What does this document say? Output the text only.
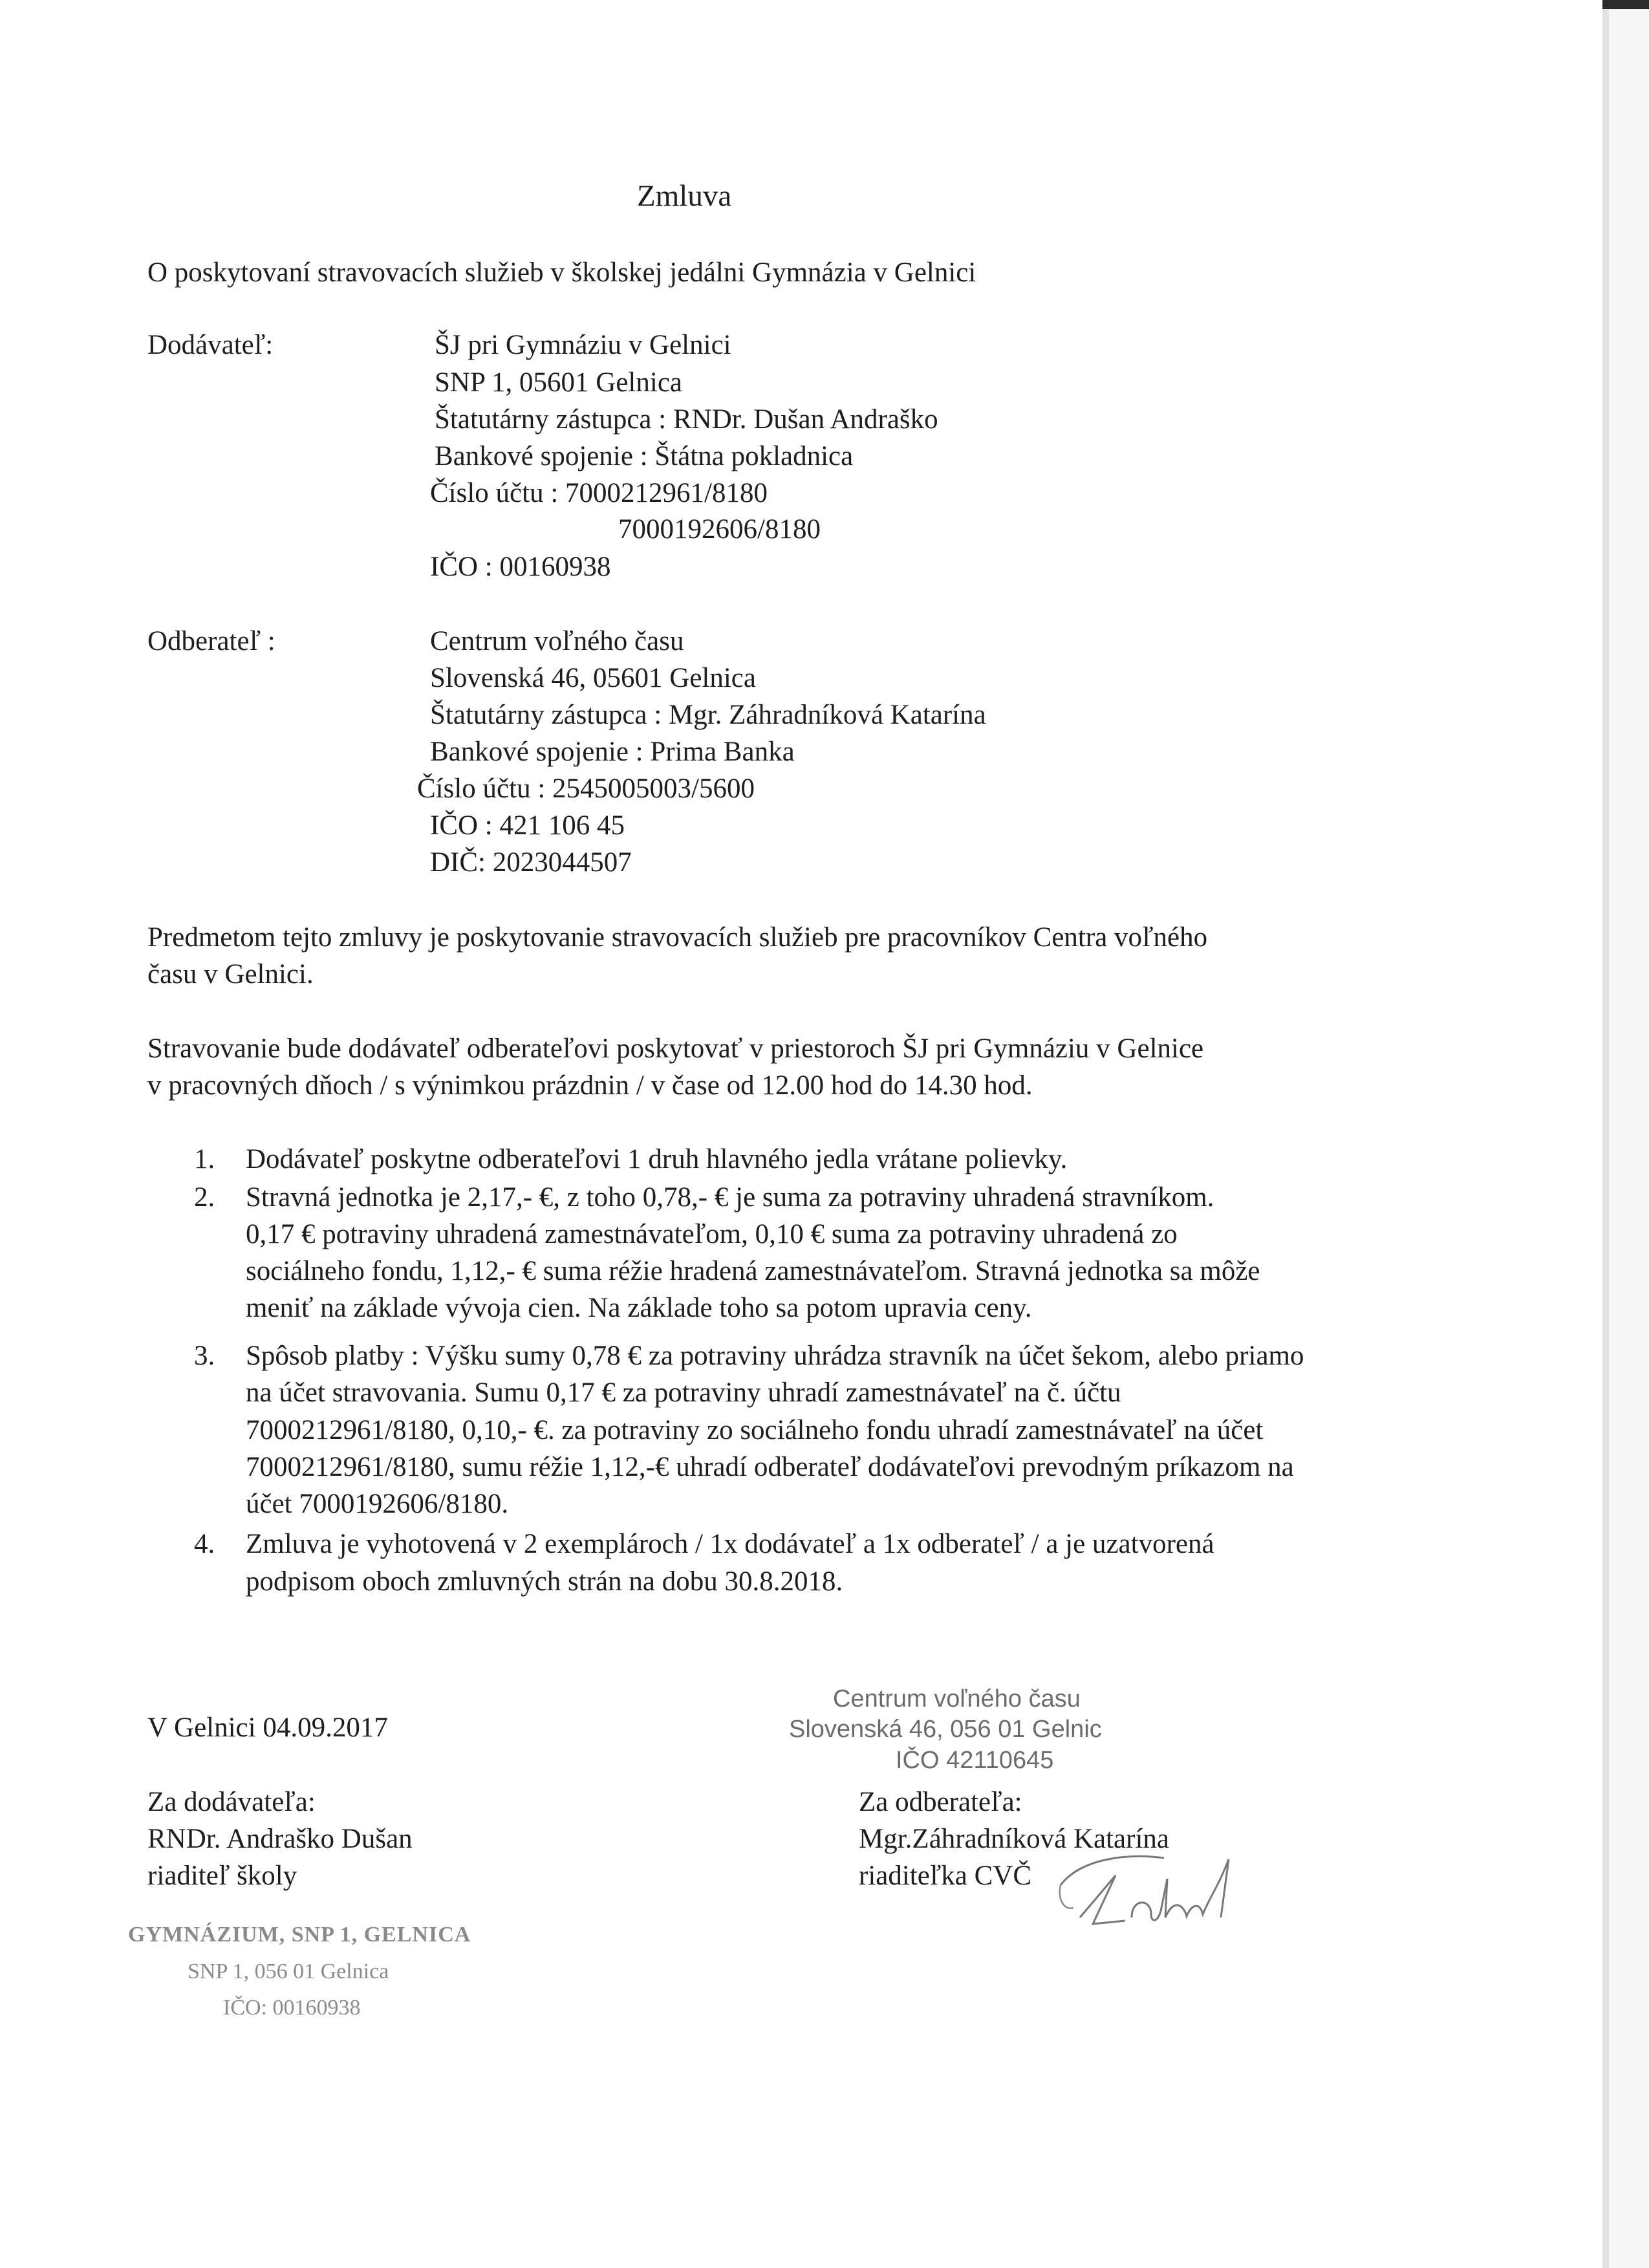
Zmluva
O poskytovaní stravovacích služieb v školskej jedálni Gymnázia v Gelnici
Dodávateľ:	ŠJ pri Gymnáziu v Gelnici
SNP 1, 05601 Gelnica
Štatutárny zástupca : RNDr. Dušan Andraško
Bankové spojenie : Štátna pokladnica
Číslo účtu : 7000212961/8180
7000192606/8180
IČO : 00160938
Odberateľ :	Centrum voľného času
Slovenská 46, 05601 Gelnica
Štatutárny zástupca : Mgr. Záhradníková Katarína
Bankové spojenie : Prima Banka
Číslo účtu : 2545005003/5600
IČO : 421 106 45
DIČ: 2023044507
Predmetom tejto zmluvy je poskytovanie stravovacích služieb pre pracovníkov Centra voľného
času v Gelnici.
Stravovanie bude dodávateľ odberateľovi poskytovať v priestoroch ŠJ pri Gymnáziu v Gelnice
v pracovných dňoch / s výnimkou prázdnin / v čase od 12.00 hod do 14.30 hod.
1. Dodávateľ poskytne odberateľovi 1 druh hlavného jedla vrátane polievky.
2. Stravná jednotka je 2,17,- €, z toho 0,78,- € je suma za potraviny uhradená stravníkom.
0,17 € potraviny uhradená zamestnávateľom, 0,10 € suma za potraviny uhradená zo
sociálneho fondu, 1,12,- € suma réžie hradená zamestnávateľom. Stravná jednotka sa môže
meniť na základe vývoja cien. Na základe toho sa potom upravia ceny.
3. Spôsob platby : Výšku sumy 0,78 € za potraviny uhrádza stravník na účet šekom, alebo priamo
na účet stravovania. Sumu 0,17 € za potraviny uhradí zamestnávateľ na č. účtu
7000212961/8180, 0,10,- €. za potraviny zo sociálneho fondu uhradí zamestnávateľ na účet
7000212961/8180, sumu réžie 1,12,-€ uhradí odberateľ dodávateľovi prevodným príkazom na
účet 7000192606/8180.
4. Zmluva je vyhotovená v 2 exemplároch / 1x dodávateľ a 1x odberateľ / a je uzatvorená
podpisom oboch zmluvných strán na dobu 30.8.2018.
V Gelnici 04.09.2017
Centrum voľného času
Slovenská 46, 056 01 Gelnic
IČO 42110645
Za dodávateľa:
RNDr. Andraško Dušan
riaditeľ školy
Za odberateľa:
Mgr.Záhradníková Katarína
riaditeľka CVČ
GYMNÁZIUM, SNP 1, GELNICA
SNP 1, 056 01 Gelnica
IČO: 00160938
